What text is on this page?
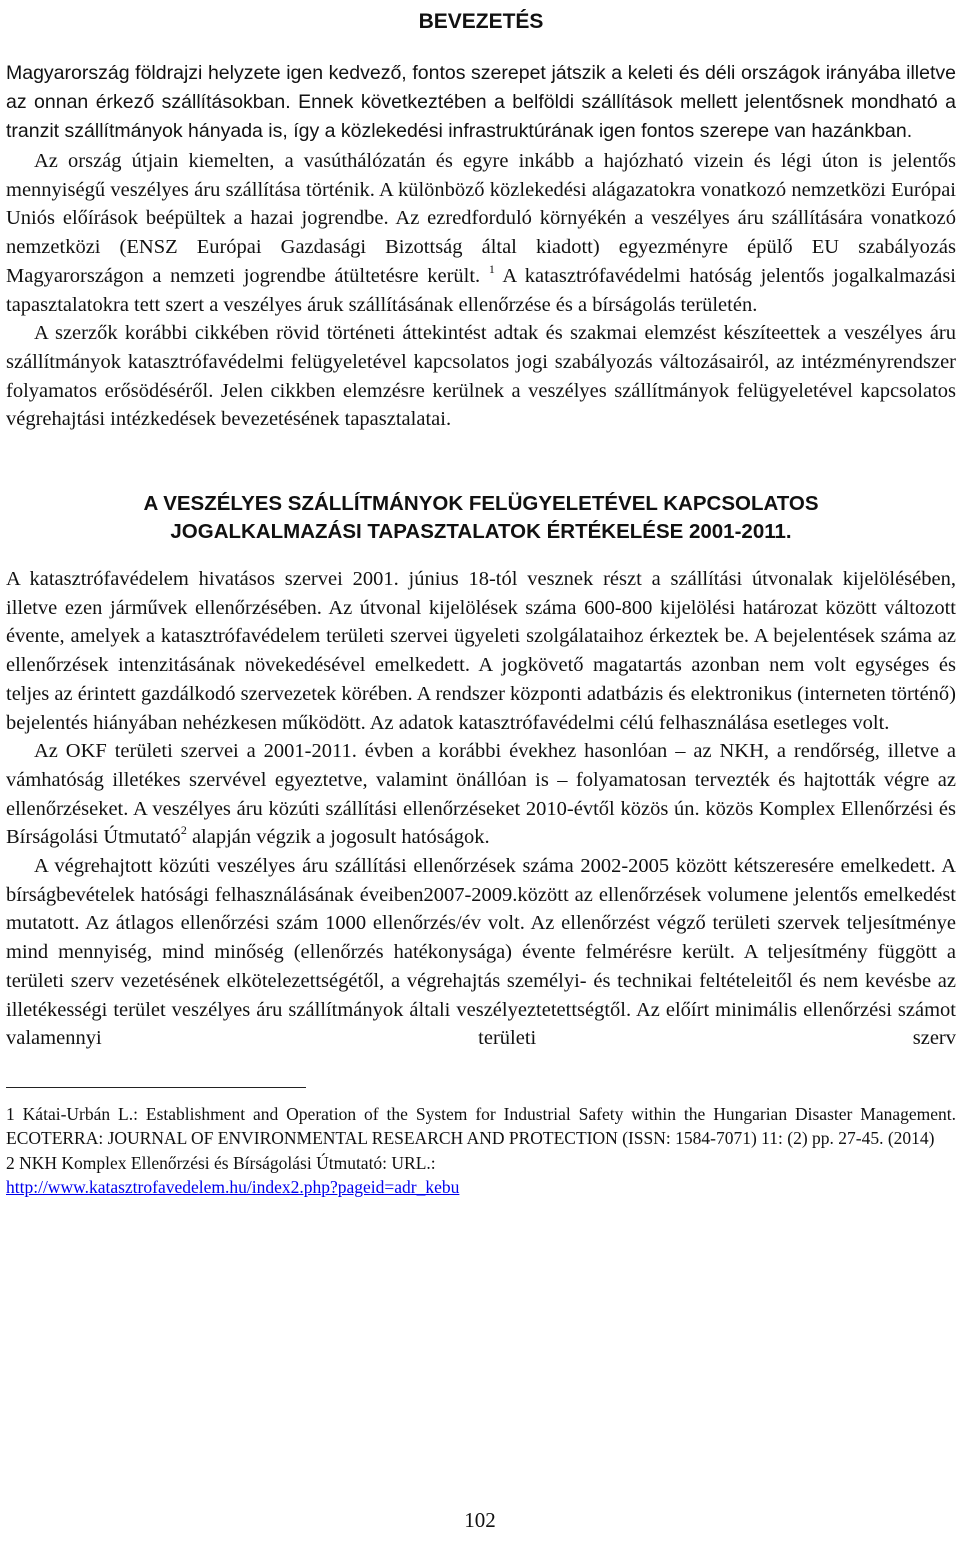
BEVEZETÉS

Magyarország földrajzi helyzete igen kedvező, fontos szerepet játszik a keleti és déli országok irányába illetve az onnan érkező szállításokban. Ennek következtében a belföldi szállítások mellett jelentősnek mondható a tranzit szállítmányok hányada is, így a közlekedési infrastruktúrának igen fontos szerepe van hazánkban.

Az ország útjain kiemelten, a vasúthálózatán és egyre inkább a hajózható vizein és légi úton is jelentős mennyiségű veszélyes áru szállítása történik. A különböző közlekedési alágazatokra vonatkozó nemzetközi Európai Uniós előírások beépültek a hazai jogrendbe. Az ezredforduló környékén a veszélyes áru szállítására vonatkozó nemzetközi (ENSZ Európai Gazdasági Bizottság által kiadott) egyezményre épülő EU szabályozás Magyarországon a nemzeti jogrendbe átültetésre került. $^1$ A katasztrófavédelmi hatóság jelentős jogalkalmazási tapasztalatokra tett szert a veszélyes áruk szállításának ellenőrzése és a bírságolás területén.

A szerzők korábbi cikkében rövid történeti áttekintést adtak és szakmai elemzést készíteettek a veszélyes áru szállítmányok katasztrófavédelmi felügyeletével kapcsolatos jogi szabályozás változásairól, az intézményrendszer folyamatos erősödéséről. Jelen cikkben elemzésre kerülnek a veszélyes szállítmányok felügyeletével kapcsolatos végrehajtási intézkedések bevezetésének tapasztalatai.

A VESZÉLYES SZÁLLÍTMÁNYOK FELÜGYELETÉVEL KAPCSOLATOS

JOGALKALMAZÁSI TAPASZTALATOK ÉRTÉKELÉSE 2001-2011.

A katasztrófavédelem hivatásos szervei 2001. június 18-tól vesznek részt a szállítási útvonalak kijelölésében, illetve ezen járművek ellenőrzésében. Az útvonal kijelölések száma 600-800 kijelölési határozat között változott évente, amelyek a katasztrófavédelem területi szervei ügyeleti szolgálataihoz érkeztek be. A bejelentések száma az ellenőrzések intenzitásának növekedésével emelkedett. A jogkövető magatartás azonban nem volt egységes és teljes az érintett gazdálkodó szervezetek körében. A rendszer központi adatbázis és elektronikus (interneten történő) bejelentés hiányában nehézkesen működött. Az adatok katasztrófavédelmi célú felhasználása esetleges volt.

Az OKF területi szervei a 2001-2011. évben a korábbi évekhez hasonlóan – az NKH, a rendőrség, illetve a vámhatóság illetékes szervével egyeztetve, valamint önállóan is – folyamatosan tervezték és hajtották végre az ellenőrzéseket. A veszélyes áru közúti szállítási ellenőrzéseket 2010-évtől közös ún. közös Komplex Ellenőrzési és Bírságolási Útmutató$^2$ alapján végzik a jogosult hatóságok.

A végrehajtott közúti veszélyes áru szállítási ellenőrzések száma 2002-2005 között kétszeresére emelkedett. A bírságbevételek hatósági felhasználásának éveiben2007-2009.között az ellenőrzések volumene jelentős emelkedést mutatott. Az átlagos ellenőrzési szám 1000 ellenőrzés/év volt. Az ellenőrzést végző területi szervek teljesítménye mind mennyiség, mind minőség (ellenőrzés hatékonysága) évente felmérésre került. A teljesítmény függött a területi szerv vezetésének elkötelezettségétől, a végrehajtás személyi- és technikai feltételeitől és nem kevésbe az illetékességi terület veszélyes áru szállítmányok általi veszélyeztetettségtől. Az előírt minimális ellenőrzési számot valamennyi területi szerv

1 Kátai-Urbán L.: Establishment and Operation of the System for Industrial Safety within the Hungarian Disaster Management. ECOTERRA: JOURNAL OF ENVIRONMENTAL RESEARCH AND PROTECTION (ISSN: 1584-7071) 11: (2) pp. 27-45. (2014)

2 NKH Komplex Ellenőrzési és Bírságolási Útmutató: URL.:

http://www.katasztrofavedelem.hu/index2.php?pageid=adr_kebu

102
